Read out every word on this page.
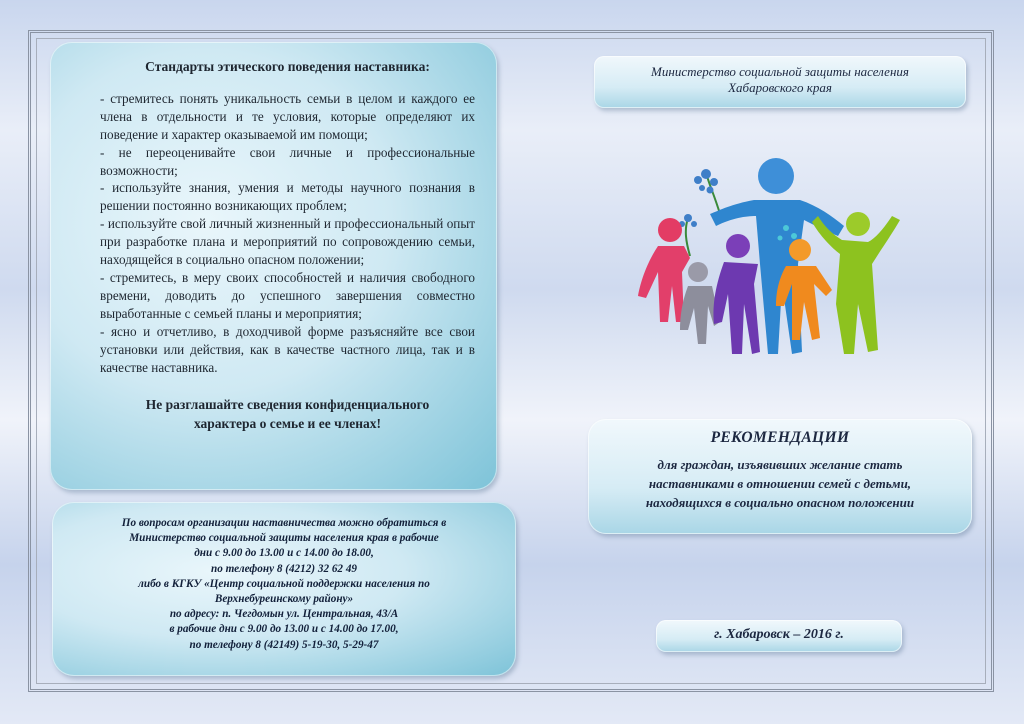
Стандарты этического поведения наставника:
- стремитесь понять уникальность семьи в целом и каждого ее члена в отдельности и те условия, которые определяют их поведение и характер оказываемой им помощи;
- не переоценивайте свои личные и профессиональные возможности;
- используйте знания, умения и методы научного познания в решении постоянно возникающих проблем;
- используйте свой личный жизненный и профессиональный опыт при разработке плана и мероприятий по сопровождению семьи, находящейся в социально опасном положении;
- стремитесь, в меру своих способностей и наличия свободного времени, доводить до успешного завершения совместно выработанные с семьей планы и мероприятия;
- ясно и отчетливо, в доходчивой форме разъясняйте все свои установки или действия, как в качестве частного лица, так и в качестве наставника.
Не разглашайте сведения конфиденциального
характера о семье и ее членах!
По вопросам организации наставничества можно обратиться в
Министерство социальной защиты населения края в рабочие
дни с 9.00 до 13.00 и с 14.00 до 18.00,
по телефону 8 (4212) 32 62 49
либо в КГКУ «Центр социальной поддержки населения по
Верхнебуреинскому району»
по адресу: п. Чегдомын ул. Центральная, 43/А
в рабочие дни с 9.00 до 13.00 и с 14.00 до 17.00,
по телефону 8 (42149) 5-19-30, 5-29-47
Министерство социальной защиты населения
Хабаровского края
РЕКОМЕНДАЦИИ
для граждан, изъявивших желание стать
наставниками в отношении семей с детьми,
находящихся в социально опасном положении
г. Хабаровск – 2016 г.
